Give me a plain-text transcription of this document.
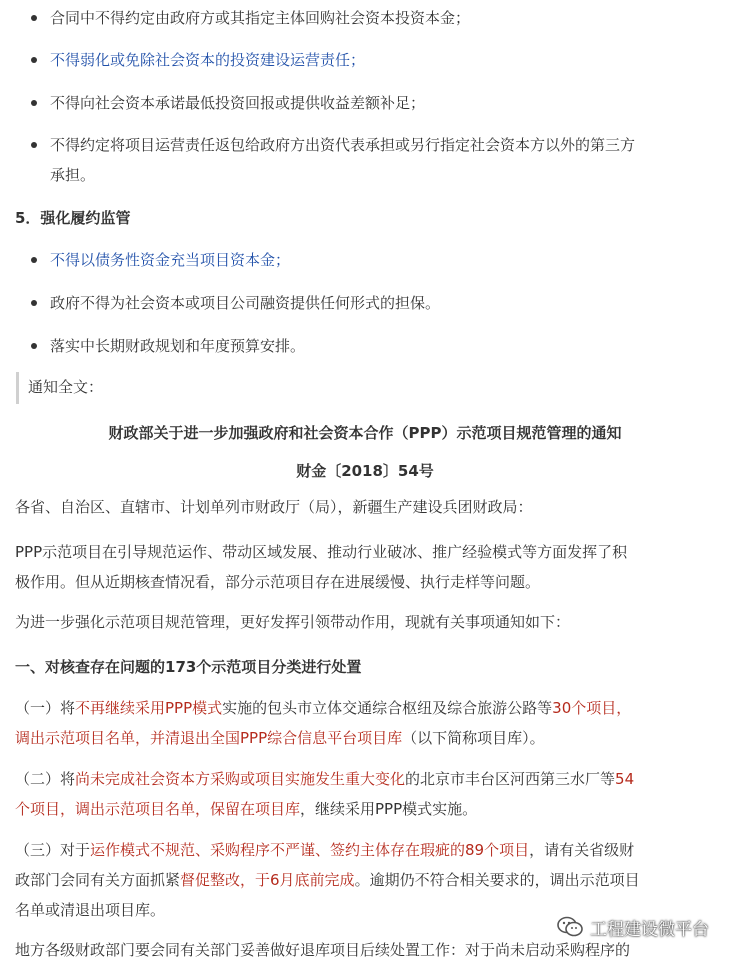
合同中不得约定由政府方或其指定主体回购社会资本投资本金；

不得弱化或免除社会资本的投资建设运营责任；

不得向社会资本承诺最低投资回报或提供收益差额补足；

不得约定将项目运营责任返包给政府方出资代表承担或另行指定社会资本方以外的第三方
承担。

5．强化履约监管

不得以债务性资金充当项目资本金；

政府不得为社会资本或项目公司融资提供任何形式的担保。

落实中长期财政规划和年度预算安排。

通知全文：

财政部关于进一步加强政府和社会资本合作（PPP）示范项目规范管理的通知

财金〔2018〕54号

各省、自治区、直辖市、计划单列市财政厅（局），新疆生产建设兵团财政局：

PPP示范项目在引导规范运作、带动区域发展、推动行业破冰、推广经验模式等方面发挥了积
极作用。但从近期核查情况看，部分示范项目存在进展缓慢、执行走样等问题。

为进一步强化示范项目规范管理，更好发挥引领带动作用，现就有关事项通知如下：

一、对核查存在问题的173个示范项目分类进行处置

（一）将不再继续采用PPP模式实施的包头市立体交通综合枢纽及综合旅游公路等30个项目，
调出示范项目名单，并清退出全国PPP综合信息平台项目库（以下简称项目库）。

（二）将尚未完成社会资本方采购或项目实施发生重大变化的北京市丰台区河西第三水厂等54
个项目，调出示范项目名单，保留在项目库，继续采用PPP模式实施。

（三）对于运作模式不规范、采购程序不严谨、签约主体存在瑕疵的89个项目，请有关省级财
政部门会同有关方面抓紧督促整改，于6月底前完成。逾期仍不符合相关要求的，调出示范项目
名单或清退出项目库。

地方各级财政部门要会同有关部门妥善做好退库项目后续处置工作：对于尚未启动采购程序的

工程建设微平台
